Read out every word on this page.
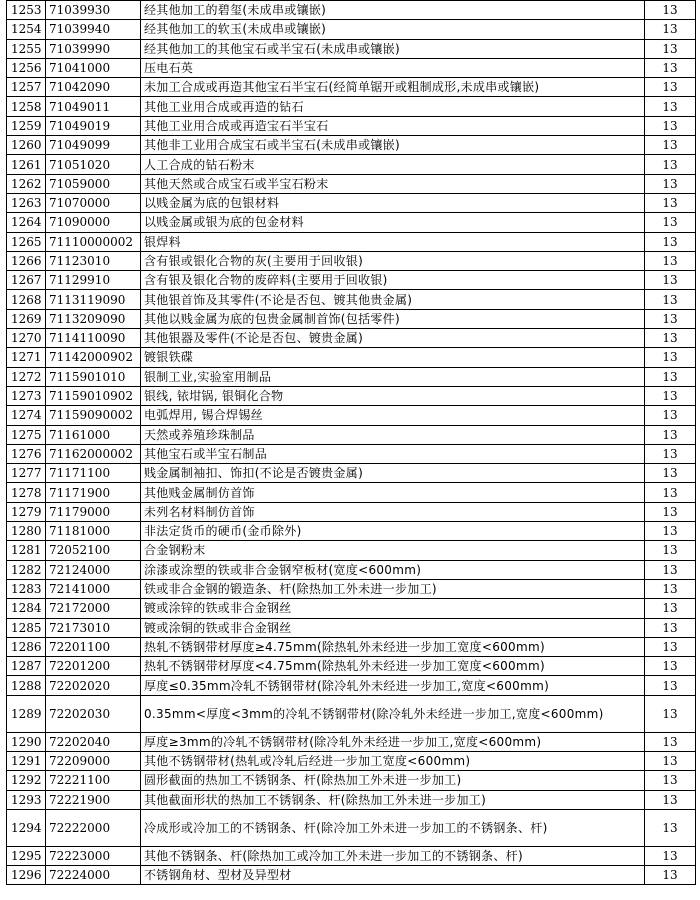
1253	71039930	经其他加工的碧玺(未成串或镶嵌)	13
1254	71039940	经其他加工的软玉(未成串或镶嵌)	13
1255	71039990	经其他加工的其他宝石或半宝石(未成串或镶嵌)	13
1256	71041000	压电石英	13
1257	71042090	未加工合成或再造其他宝石半宝石(经简单锯开或粗制成形,未成串或镶嵌)	13
1258	71049011	其他工业用合成或再造的钻石	13
1259	71049019	其他工业用合成或再造宝石半宝石	13
1260	71049099	其他非工业用合成宝石或半宝石(未成串或镶嵌)	13
1261	71051020	人工合成的钻石粉末	13
1262	71059000	其他天然或合成宝石或半宝石粉末	13
1263	71070000	以贱金属为底的包银材料	13
1264	71090000	以贱金属或银为底的包金材料	13
1265	71110000002	银焊料	13
1266	71123010	含有银或银化合物的灰(主要用于回收银)	13
1267	71129910	含有银及银化合物的废碎料(主要用于回收银)	13
1268	7113119090	其他银首饰及其零件(不论是否包、镀其他贵金属)	13
1269	7113209090	其他以贱金属为底的包贵金属制首饰(包括零件)	13
1270	7114110090	其他银器及零件(不论是否包、镀贵金属)	13
1271	71142000902	镀银铁碟	13
1272	7115901010	银制工业,实验室用制品	13
1273	71159010902	银线, 铱坩锅, 银铜化合物	13
1274	71159090002	电弧焊用, 锡合焊锡丝	13
1275	71161000	天然或养殖珍珠制品	13
1276	71162000002	其他宝石或半宝石制品	13
1277	71171100	贱金属制袖扣、饰扣(不论是否镀贵金属)	13
1278	71171900	其他贱金属制仿首饰	13
1279	71179000	未列名材料制仿首饰	13
1280	71181000	非法定货币的硬币(金币除外)	13
1281	72052100	合金钢粉末	13
1282	72124000	涂漆或涂塑的铁或非合金钢窄板材(宽度<600mm)	13
1283	72141000	铁或非合金钢的锻造条、杆(除热加工外未进一步加工)	13
1284	72172000	镀或涂锌的铁或非合金钢丝	13
1285	72173010	镀或涂铜的铁或非合金钢丝	13
1286	72201100	热轧不锈钢带材厚度≥4.75mm(除热轧外未经进一步加工宽度<600mm)	13
1287	72201200	热轧不锈钢带材厚度<4.75mm(除热轧外未经进一步加工宽度<600mm)	13
1288	72202020	厚度≤0.35mm冷轧不锈钢带材(除冷轧外未经进一步加工,宽度<600mm)	13
1289	72202030	0.35mm<厚度<3mm的冷轧不锈钢带材(除冷轧外未经进一步加工,宽度<600mm)	13
1290	72202040	厚度≥3mm的冷轧不锈钢带材(除冷轧外未经进一步加工,宽度<600mm)	13
1291	72209000	其他不锈钢带材(热轧或冷轧后经进一步加工宽度<600mm)	13
1292	72221100	圆形截面的热加工不锈钢条、杆(除热加工外未进一步加工)	13
1293	72221900	其他截面形状的热加工不锈钢条、杆(除热加工外未进一步加工)	13
1294	72222000	冷成形或冷加工的不锈钢条、杆(除冷加工外未进一步加工的不锈钢条、杆)	13
1295	72223000	其他不锈钢条、杆(除热加工或冷加工外未进一步加工的不锈钢条、杆)	13
1296	72224000	不锈钢角材、型材及异型材	13
